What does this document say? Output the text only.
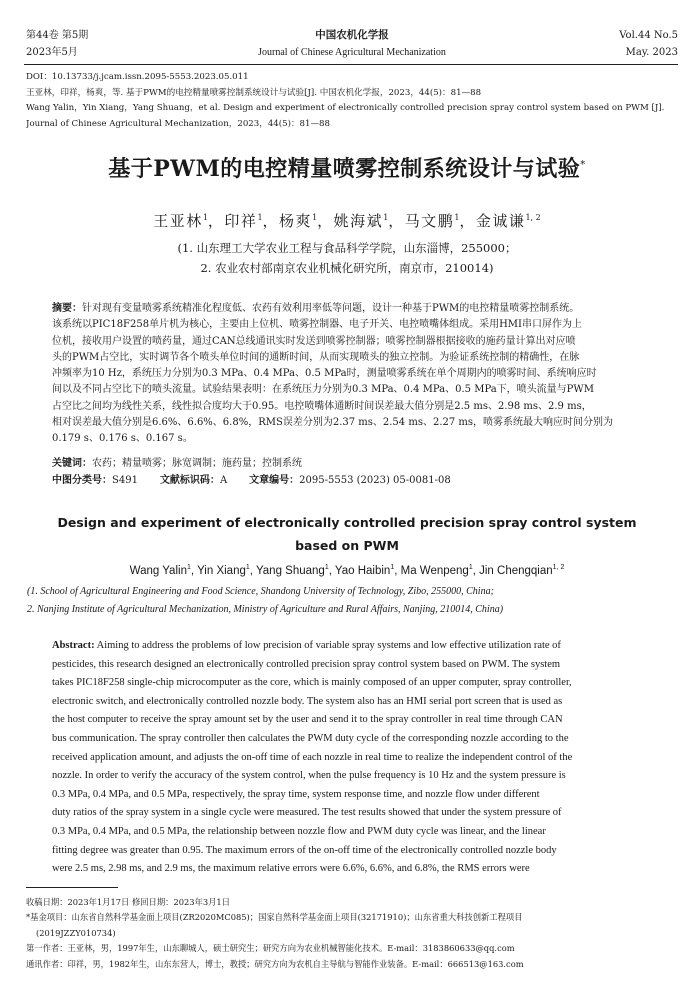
第44卷 第5期
2023年5月
中国农机化学报
Journal of Chinese Agricultural Mechanization
Vol.44 No.5
May. 2023
DOI：10.13733/j.jcam.issn.2095-5553.2023.05.011
王亚林，印祥，杨爽，等. 基于PWM的电控精量喷雾控制系统设计与试验[J]. 中国农机化学报，2023，44(5)：81—88
Wang Yalin，Yin Xiang，Yang Shuang，et al. Design and experiment of electronically controlled precision spray control system based on PWM [J].
Journal of Chinese Agricultural Mechanization，2023，44(5)：81—88
基于PWM的电控精量喷雾控制系统设计与试验*
王亚林$^1$，印祥$^1$，杨爽$^1$，姚海斌$^1$，马文鹏$^1$，金诚谦$^{1, 2}$
(1. 山东理工大学农业工程与食品科学学院，山东淄博，255000；
2. 农业农村部南京农业机械化研究所，南京市，210014)
摘要：针对现有变量喷雾系统精准化程度低、农药有效利用率低等问题，设计一种基于PWM的电控精量喷雾控制系统。
该系统以PIC18F258单片机为核心，主要由上位机、喷雾控制器、电子开关、电控喷嘴体组成。采用HMI串口屏作为上
位机，接收用户设置的喷药量，通过CAN总线通讯实时发送到喷雾控制器；喷雾控制器根据接收的施药量计算出对应喷
头的PWM占空比，实时调节各个喷头单位时间的通断时间，从而实现喷头的独立控制。为验证系统控制的精确性，在脉
冲频率为10 Hz，系统压力分别为0.3 MPa、0.4 MPa、0.5 MPa时，测量喷雾系统在单个周期内的喷雾时间、系统响应时
间以及不同占空比下的喷头流量。试验结果表明：在系统压力分别为0.3 MPa、0.4 MPa、0.5 MPa下，喷头流量与PWM
占空比之间均为线性关系，线性拟合度均大于0.95。电控喷嘴体通断时间误差最大值分别是2.5 ms、2.98 ms、2.9 ms，
相对误差最大值分别是6.6%、6.6%、6.8%，RMS误差分别为2.37 ms、2.54 ms、2.27 ms，喷雾系统最大响应时间分别为
0.179 s、0.176 s、0.167 s。
关键词：农药；精量喷雾；脉宽调制；施药量；控制系统
中图分类号：S491 文献标识码：A 文章编号：2095-5553 (2023) 05-0081-08
Design and experiment of electronically controlled precision spray control system
based on PWM
Wang Yalin$^1$, Yin Xiang$^1$, Yang Shuang$^1$, Yao Haibin$^1$, Ma Wenpeng$^1$, Jin Chengqian$^{1, 2}$
(1. School of Agricultural Engineering and Food Science, Shandong University of Technology, Zibo, 255000, China;
2. Nanjing Institute of Agricultural Mechanization, Ministry of Agriculture and Rural Affairs, Nanjing, 210014, China)
Abstract: Aiming to address the problems of low precision of variable spray systems and low effective utilization rate of
pesticides, this research designed an electronically controlled precision spray control system based on PWM. The system
takes PIC18F258 single-chip microcomputer as the core, which is mainly composed of an upper computer, spray controller,
electronic switch, and electronically controlled nozzle body. The system also has an HMI serial port screen that is used as
the host computer to receive the spray amount set by the user and send it to the spray controller in real time through CAN
bus communication. The spray controller then calculates the PWM duty cycle of the corresponding nozzle according to the
received application amount, and adjusts the on-off time of each nozzle in real time to realize the independent control of the
nozzle. In order to verify the accuracy of the system control, when the pulse frequency is 10 Hz and the system pressure is
0.3 MPa, 0.4 MPa, and 0.5 MPa, respectively, the spray time, system response time, and nozzle flow under different
duty ratios of the spray system in a single cycle were measured. The test results showed that under the system pressure of
0.3 MPa, 0.4 MPa, and 0.5 MPa, the relationship between nozzle flow and PWM duty cycle was linear, and the linear
fitting degree was greater than 0.95. The maximum errors of the on-off time of the electronically controlled nozzle body
were 2.5 ms, 2.98 ms, and 2.9 ms, the maximum relative errors were 6.6%, 6.6%, and 6.8%, the RMS errors were
收稿日期：2023年1月17日 修回日期：2023年3月1日
*基金项目：山东省自然科学基金面上项目(ZR2020MC085)；国家自然科学基金面上项目(32171910)；山东省重大科技创新工程项目
(2019JZZY010734)
第一作者：王亚林，男，1997年生，山东聊城人，硕士研究生；研究方向为农业机械智能化技术。E-mail：3183860633@qq.com
通讯作者：印祥，男，1982年生，山东东营人，博士，教授；研究方向为农机自主导航与智能作业装备。E-mail：666513@163.com
